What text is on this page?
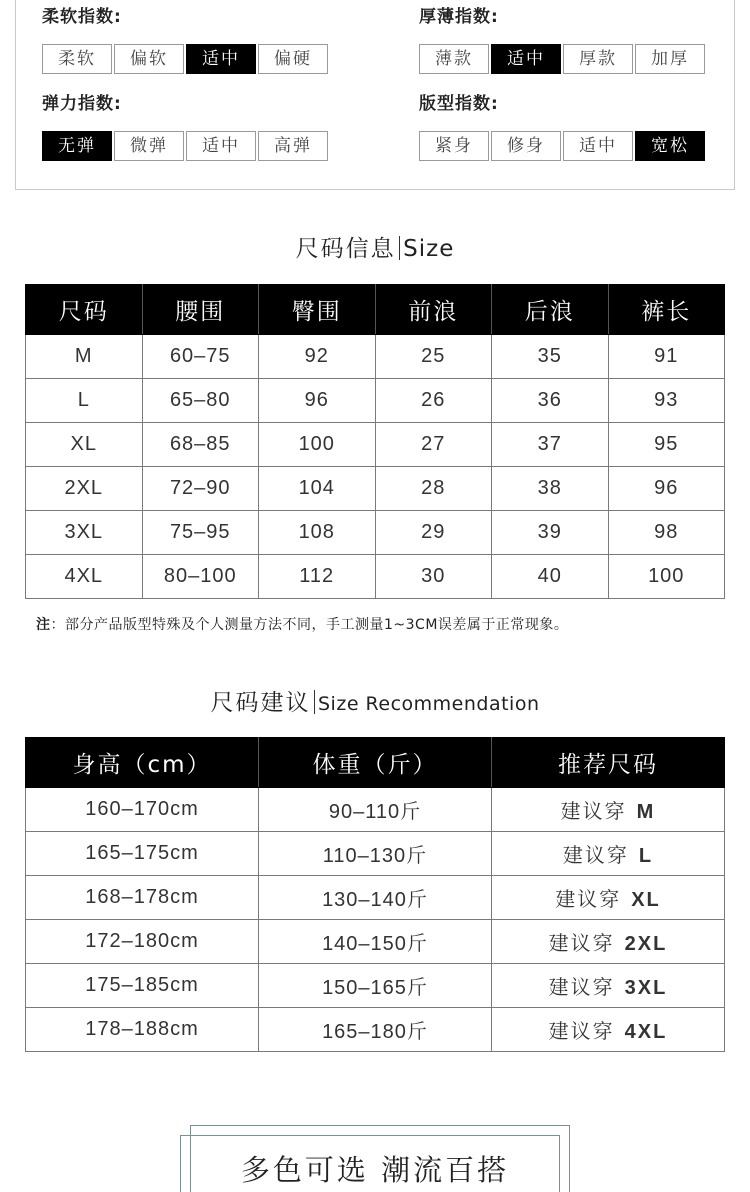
柔软指数:
柔软	偏软	适中	偏硬
厚薄指数:
薄款	适中	厚款	加厚
弹力指数:
无弹	微弹	适中	高弹
版型指数:
紧身	修身	适中	宽松
尺码信息 Size
尺码	腰围	臀围	前浪	后浪	裤长
M	60–75	92	25	35	91
L	65–80	96	26	36	93
XL	68–85	100	27	37	95
2XL	72–90	104	28	38	96
3XL	75–95	108	29	39	98
4XL	80–100	112	30	40	100
注：部分产品版型特殊及个人测量方法不同，手工测量1~3CM误差属于正常现象。
尺码建议 Size Recommendation
身高（cm）	体重（斤）	推荐尺码
160–170cm	90–110斤	建议穿 M
165–175cm	110–130斤	建议穿 L
168–178cm	130–140斤	建议穿 XL
172–180cm	140–150斤	建议穿 2XL
175–185cm	150–165斤	建议穿 3XL
178–188cm	165–180斤	建议穿 4XL
多色可选 潮流百搭
